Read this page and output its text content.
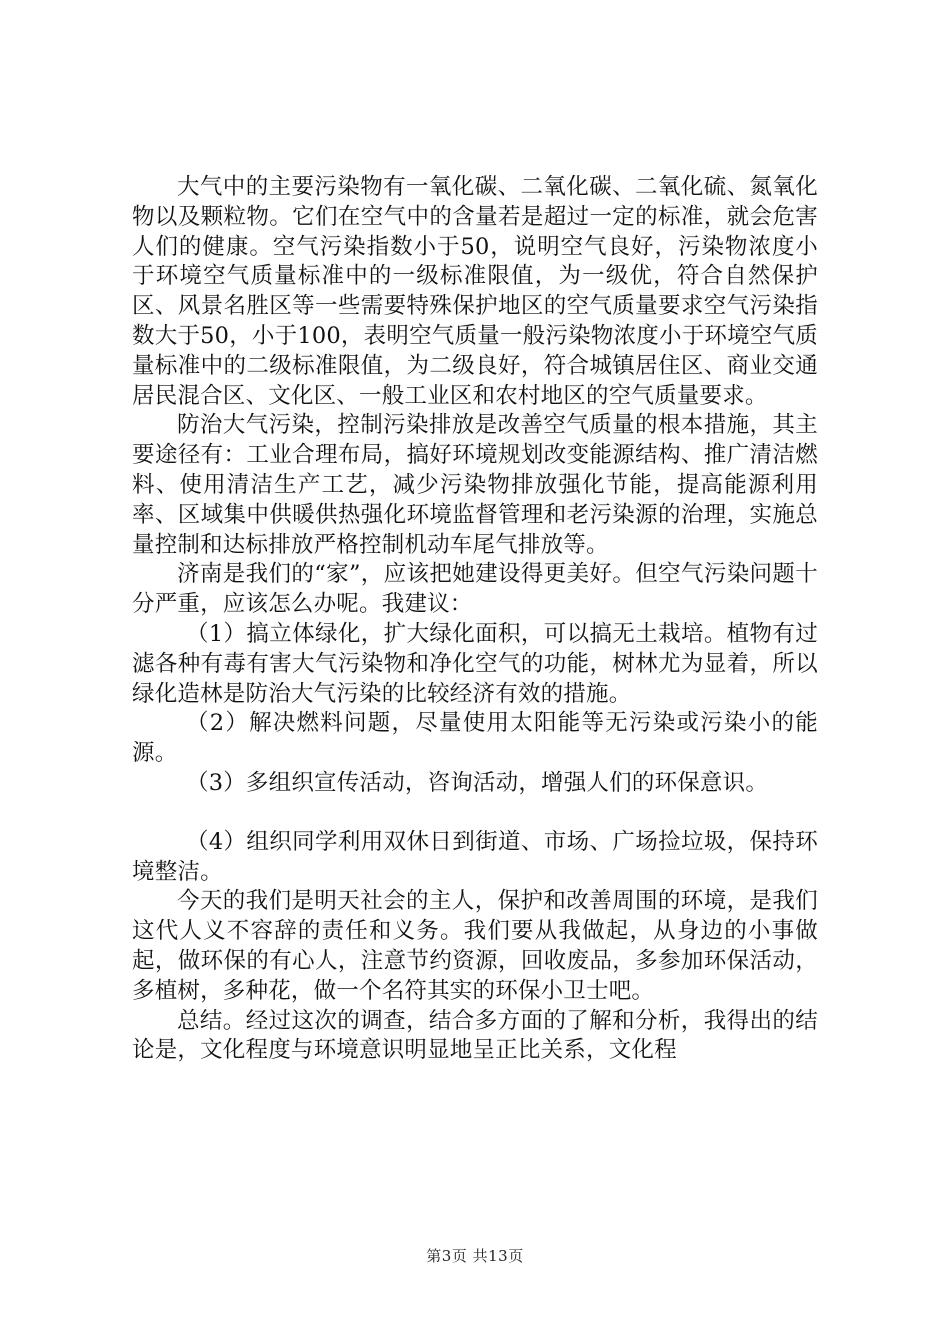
大气中的主要污染物有一氧化碳、二氧化碳、二氧化硫、氮氧化物以及颗粒物。它们在空气中的含量若是超过一定的标准，就会危害人们的健康。空气污染指数小于50，说明空气良好，污染物浓度小于环境空气质量标准中的一级标准限值，为一级优，符合自然保护区、风景名胜区等一些需要特殊保护地区的空气质量要求空气污染指数大于50，小于100，表明空气质量一般污染物浓度小于环境空气质量标准中的二级标准限值，为二级良好，符合城镇居住区、商业交通居民混合区、文化区、一般工业区和农村地区的空气质量要求。

防治大气污染，控制污染排放是改善空气质量的根本措施，其主要途径有：工业合理布局，搞好环境规划改变能源结构、推广清洁燃料、使用清洁生产工艺，减少污染物排放强化节能，提高能源利用率、区域集中供暖供热强化环境监督管理和老污染源的治理，实施总量控制和达标排放严格控制机动车尾气排放等。

济南是我们的“家”，应该把她建设得更美好。但空气污染问题十分严重，应该怎么办呢。我建议：

（1）搞立体绿化，扩大绿化面积，可以搞无土栽培。植物有过滤各种有毒有害大气污染物和净化空气的功能，树林尤为显着，所以绿化造林是防治大气污染的比较经济有效的措施。

（2）解决燃料问题，尽量使用太阳能等无污染或污染小的能源。

（3）多组织宣传活动，咨询活动，增强人们的环保意识。

（4）组织同学利用双休日到街道、市场、广场捡垃圾，保持环境整洁。

今天的我们是明天社会的主人，保护和改善周围的环境，是我们这代人义不容辞的责任和义务。我们要从我做起，从身边的小事做起，做环保的有心人，注意节约资源，回收废品，多参加环保活动，多植树，多种花，做一个名符其实的环保小卫士吧。

总结。经过这次的调查，结合多方面的了解和分析，我得出的结论是，文化程度与环境意识明显地呈正比关系，文化程

第3页 共13页
